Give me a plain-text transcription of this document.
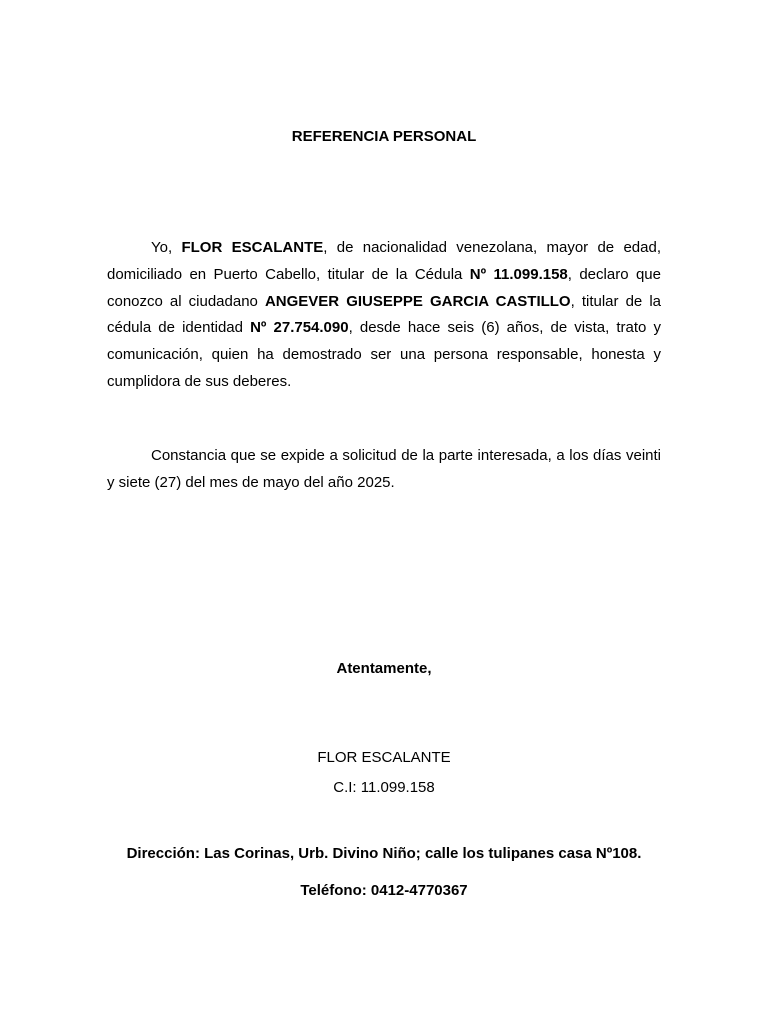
REFERENCIA PERSONAL

Yo, FLOR ESCALANTE, de nacionalidad venezolana, mayor de edad, domiciliado en Puerto Cabello, titular de la Cédula Nº 11.099.158, declaro que conozco al ciudadano ANGEVER GIUSEPPE GARCIA CASTILLO, titular de la cédula de identidad Nº 27.754.090, desde hace seis (6) años, de vista, trato y comunicación, quien ha demostrado ser una persona responsable, honesta y cumplidora de sus deberes.

Constancia que se expide a solicitud de la parte interesada, a los días veinti y siete (27) del mes de mayo del año 2025.

Atentamente,
FLOR ESCALANTE
C.I: 11.099.158
Dirección: Las Corinas, Urb. Divino Niño; calle los tulipanes casa Nº108.
Teléfono: 0412-4770367
